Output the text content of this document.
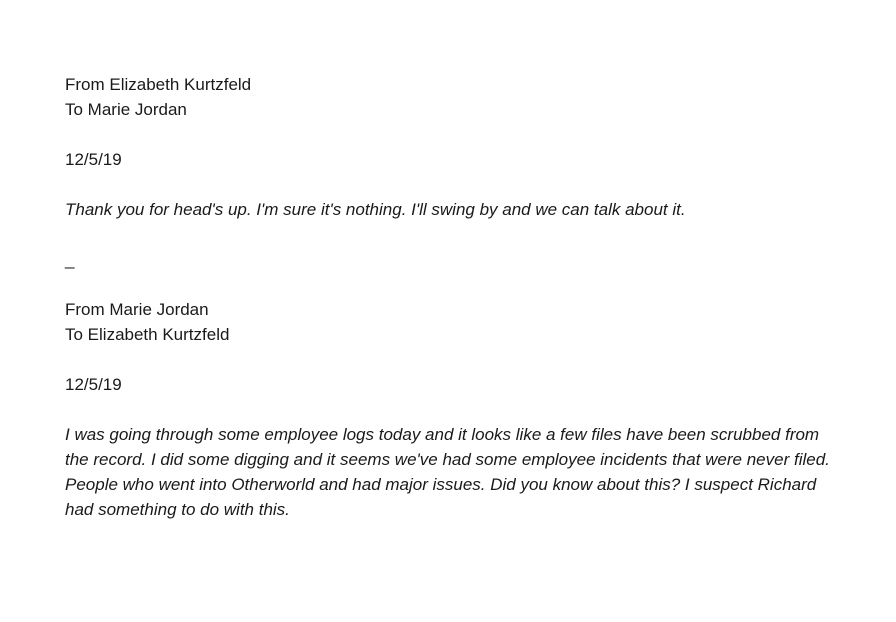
From Elizabeth Kurtzfeld

To Marie Jordan

12/5/19

Thank you for head's up. I'm sure it's nothing. I'll swing by and we can talk about it.

_

From Marie Jordan

To Elizabeth Kurtzfeld

12/5/19

I was going through some employee logs today and it looks like a few files have been scrubbed from the record. I did some digging and it seems we've had some employee incidents that were never filed. People who went into Otherworld and had major issues. Did you know about this? I suspect Richard had something to do with this.
